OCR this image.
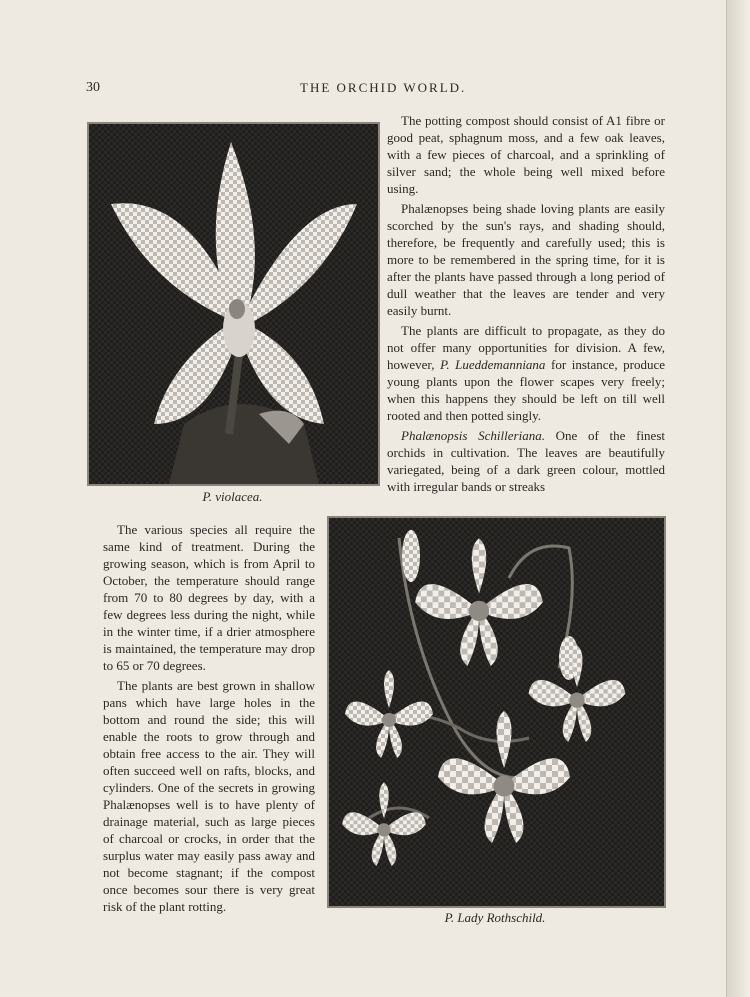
30	THE ORCHID WORLD.
P. violacea.

The potting compost should consist of A1 fibre or good peat, sphagnum moss, and a few oak leaves, with a few pieces of charcoal, and a sprinkling of silver sand; the whole being well mixed before using.

Phalænopses being shade loving plants are easily scorched by the sun's rays, and shading should, therefore, be frequently and carefully used; this is more to be remembered in the spring time, for it is after the plants have passed through a long period of dull weather that the leaves are tender and very easily burnt.

The plants are difficult to propagate, as they do not offer many opportunities for division. A few, however, P. Lueddemanniana for instance, produce young plants upon the flower scapes very freely; when this happens they should be left on till well rooted and then potted singly.

Phalænopsis Schilleriana. One of the finest orchids in cultivation. The leaves are beautifully variegated, being of a dark green colour, mottled with irregular bands or streaks

The various species all require the same kind of treatment. During the growing season, which is from April to October, the temperature should range from 70 to 80 degrees by day, with a few degrees less during the night, while in the winter time, if a drier atmosphere is maintained, the temperature may drop to 65 or 70 degrees.

The plants are best grown in shallow pans which have large holes in the bottom and round the side; this will enable the roots to grow through and obtain free access to the air. They will often succeed well on rafts, blocks, and cylinders. One of the secrets in growing Phalænopses well is to have plenty of drainage material, such as large pieces of charcoal or crocks, in order that the surplus water may easily pass away and not become stagnant; if the compost once becomes sour there is very great risk of the plant rotting.

P. Lady Rothschild.
